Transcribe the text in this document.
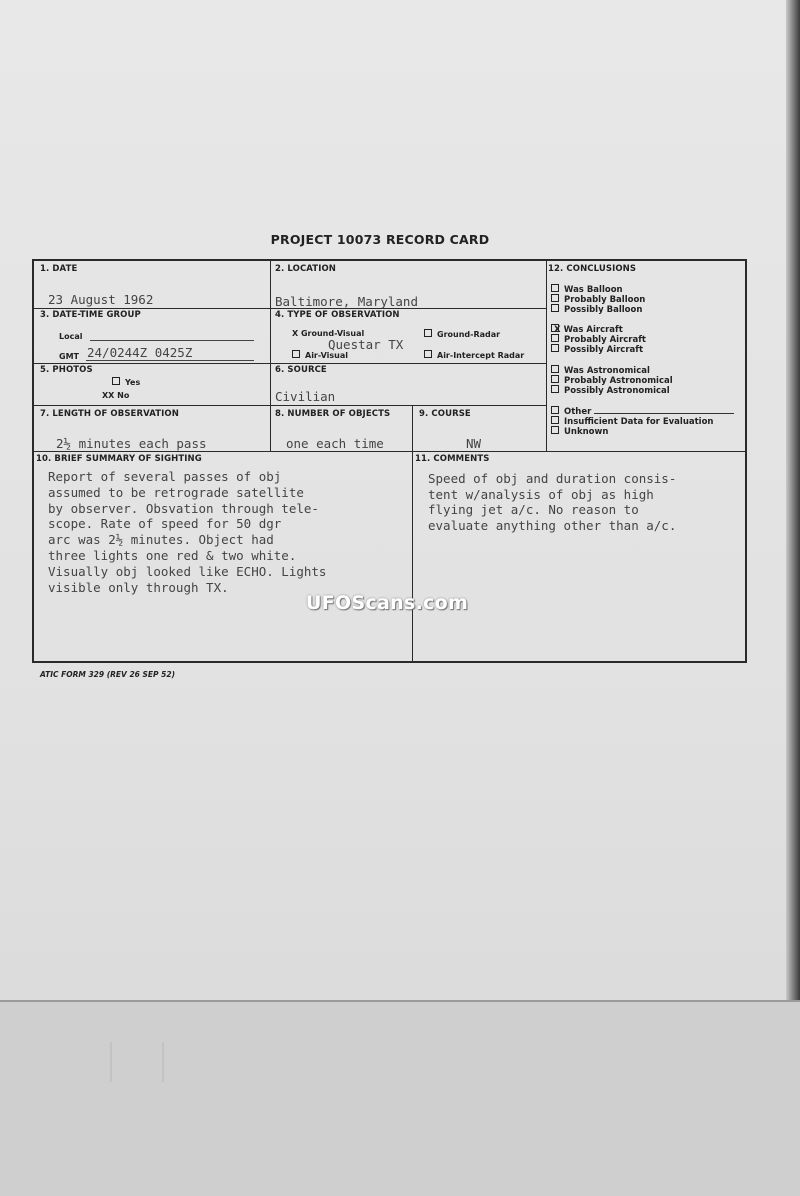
PROJECT 10073 RECORD CARD
1. DATE
23 August 1962
2. LOCATION
Baltimore, Maryland
3. DATE-TIME GROUP
Local
GMT 24/0244Z 0425Z
4. TYPE OF OBSERVATION
X Ground-Visual
Questar TX
Air-Visual
Ground-Radar
Air-Intercept Radar
5. PHOTOS
Yes
XX No
6. SOURCE
Civilian
7. LENGTH OF OBSERVATION
2½ minutes each pass
8. NUMBER OF OBJECTS
one each time
9. COURSE
NW
10. BRIEF SUMMARY OF SIGHTING
Report of several passes of obj
assumed to be retrograde satellite
by observer. Obsvation through tele-
scope. Rate of speed for 50 dgr
arc was 2½ minutes. Object had
three lights one red & two white.
Visually obj looked like ECHO. Lights
visible only through TX.
11. COMMENTS
Speed of obj and duration consis-
tent w/analysis of obj as high
flying jet a/c. No reason to
evaluate anything other than a/c.
12. CONCLUSIONS
Was Balloon
Probably Balloon
Possibly Balloon
X Was Aircraft
Probably Aircraft
Possibly Aircraft
Was Astronomical
Probably Astronomical
Possibly Astronomical
Other
Insufficient Data for Evaluation
Unknown
ATIC FORM 329 (REV 26 SEP 52)
UFOScans.com
